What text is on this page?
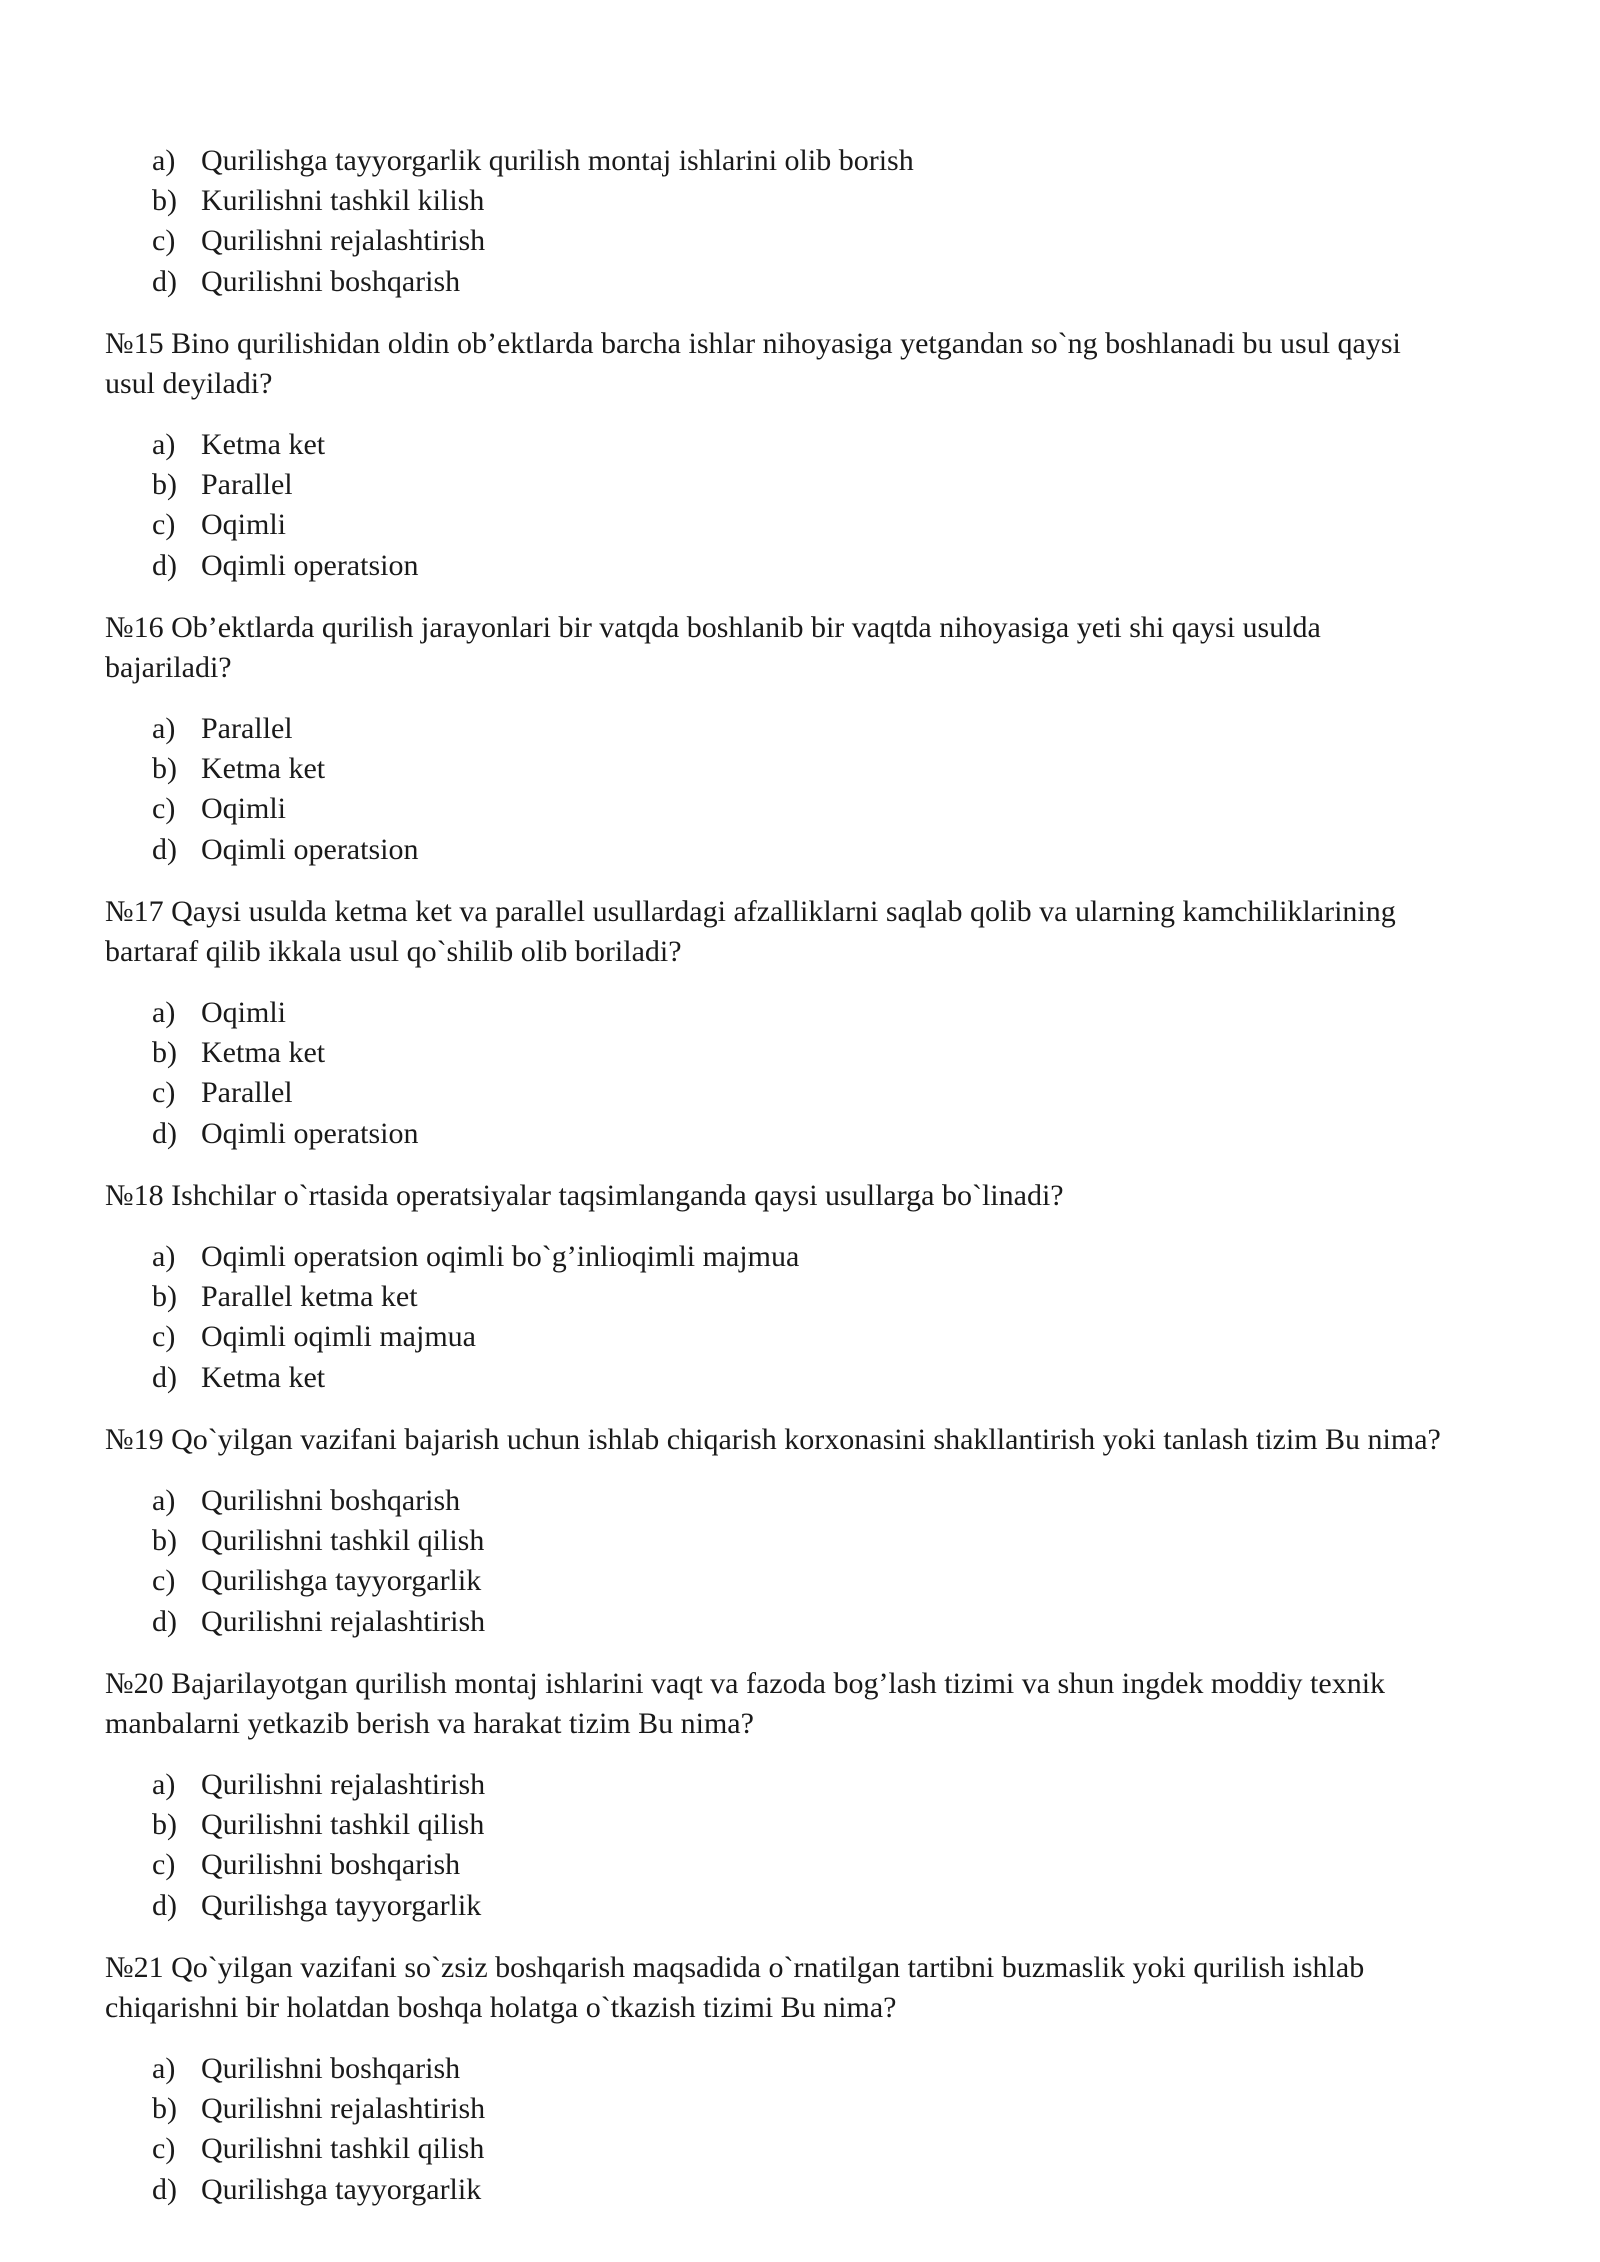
a) Qurilishga tayyorgarlik qurilish montaj ishlarini olib borish
b) Kurilishni tashkil kilish
c) Qurilishni rejalashtirish
d) Qurilishni boshqarish
№15 Bino qurilishidan oldin ob’ektlarda barcha ishlar nihoyasiga yetgandan so`ng boshlanadi bu usul qaysi
usul deyiladi?
a) Ketma ket
b) Parallel
c) Oqimli
d) Oqimli operatsion
№16 Ob’ektlarda qurilish jarayonlari bir vatqda boshlanib bir vaqtda nihoyasiga yeti shi qaysi usulda
bajariladi?
a) Parallel
b) Ketma ket
c) Oqimli
d) Oqimli operatsion
№17 Qaysi usulda ketma ket va parallel usullardagi afzalliklarni saqlab qolib va ularning kamchiliklarining
bartaraf qilib ikkala usul qo`shilib olib boriladi?
a) Oqimli
b) Ketma ket
c) Parallel
d) Oqimli operatsion
№18 Ishchilar o`rtasida operatsiyalar taqsimlanganda qaysi usullarga bo`linadi?
a) Oqimli operatsion oqimli bo`g’inlioqimli majmua
b) Parallel ketma ket
c) Oqimli oqimli majmua
d) Ketma ket
№19 Qo`yilgan vazifani bajarish uchun ishlab chiqarish korxonasini shakllantirish yoki tanlash tizim Bu nima?
a) Qurilishni boshqarish
b) Qurilishni tashkil qilish
c) Qurilishga tayyorgarlik
d) Qurilishni rejalashtirish
№20 Bajarilayotgan qurilish montaj ishlarini vaqt va fazoda bog’lash tizimi va shun ingdek moddiy texnik
manbalarni yetkazib berish va harakat tizim Bu nima?
a) Qurilishni rejalashtirish
b) Qurilishni tashkil qilish
c) Qurilishni boshqarish
d) Qurilishga tayyorgarlik
№21 Qo`yilgan vazifani so`zsiz boshqarish maqsadida o`rnatilgan tartibni buzmaslik yoki qurilish ishlab
chiqarishni bir holatdan boshqa holatga o`tkazish tizimi Bu nima?
a) Qurilishni boshqarish
b) Qurilishni rejalashtirish
c) Qurilishni tashkil qilish
d) Qurilishga tayyorgarlik
